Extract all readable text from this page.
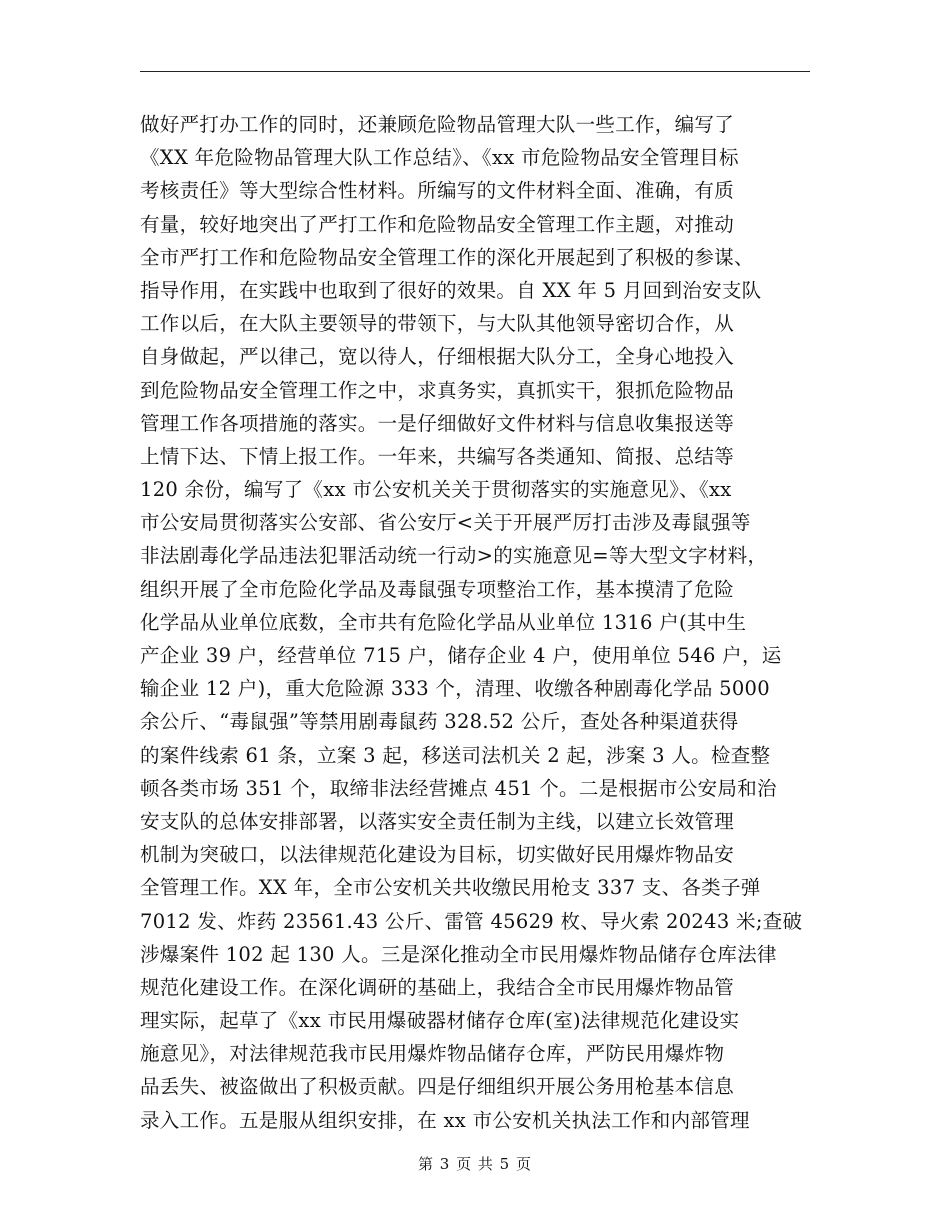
做好严打办工作的同时，还兼顾危险物品管理大队一些工作，编写了
《XX 年危险物品管理大队工作总结》、《xx 市危险物品安全管理目标
考核责任》等大型综合性材料。所编写的文件材料全面、准确，有质
有量，较好地突出了严打工作和危险物品安全管理工作主题，对推动
全市严打工作和危险物品安全管理工作的深化开展起到了积极的参谋、
指导作用，在实践中也取到了很好的效果。自 XX 年 5 月回到治安支队
工作以后，在大队主要领导的带领下，与大队其他领导密切合作，从
自身做起，严以律己，宽以待人，仔细根据大队分工，全身心地投入
到危险物品安全管理工作之中，求真务实，真抓实干，狠抓危险物品
管理工作各项措施的落实。一是仔细做好文件材料与信息收集报送等
上情下达、下情上报工作。一年来，共编写各类通知、简报、总结等
120 余份，编写了《xx 市公安机关关于贯彻落实的实施意见》、《xx
市公安局贯彻落实公安部、省公安厅<关于开展严厉打击涉及毒鼠强等
非法剧毒化学品违法犯罪活动统一行动>的实施意见=等大型文字材料，
组织开展了全市危险化学品及毒鼠强专项整治工作，基本摸清了危险
化学品从业单位底数，全市共有危险化学品从业单位 1316 户(其中生
产企业 39 户，经营单位 715 户，储存企业 4 户，使用单位 546 户，运
输企业 12 户)，重大危险源 333 个，清理、收缴各种剧毒化学品 5000
余公斤、“毒鼠强”等禁用剧毒鼠药 328.52 公斤，查处各种渠道获得
的案件线索 61 条，立案 3 起，移送司法机关 2 起，涉案 3 人。检查整
顿各类市场 351 个，取缔非法经营摊点 451 个。二是根据市公安局和治
安支队的总体安排部署，以落实安全责任制为主线，以建立长效管理
机制为突破口，以法律规范化建设为目标，切实做好民用爆炸物品安
全管理工作。XX 年，全市公安机关共收缴民用枪支 337 支、各类子弹
7012 发、炸药 23561.43 公斤、雷管 45629 枚、导火索 20243 米;查破
涉爆案件 102 起 130 人。三是深化推动全市民用爆炸物品储存仓库法律
规范化建设工作。在深化调研的基础上，我结合全市民用爆炸物品管
理实际，起草了《xx 市民用爆破器材储存仓库(室)法律规范化建设实
施意见》，对法律规范我市民用爆炸物品储存仓库，严防民用爆炸物
品丢失、被盗做出了积极贡献。四是仔细组织开展公务用枪基本信息
录入工作。五是服从组织安排，在 xx 市公安机关执法工作和内部管理
第 3 页 共 5 页
